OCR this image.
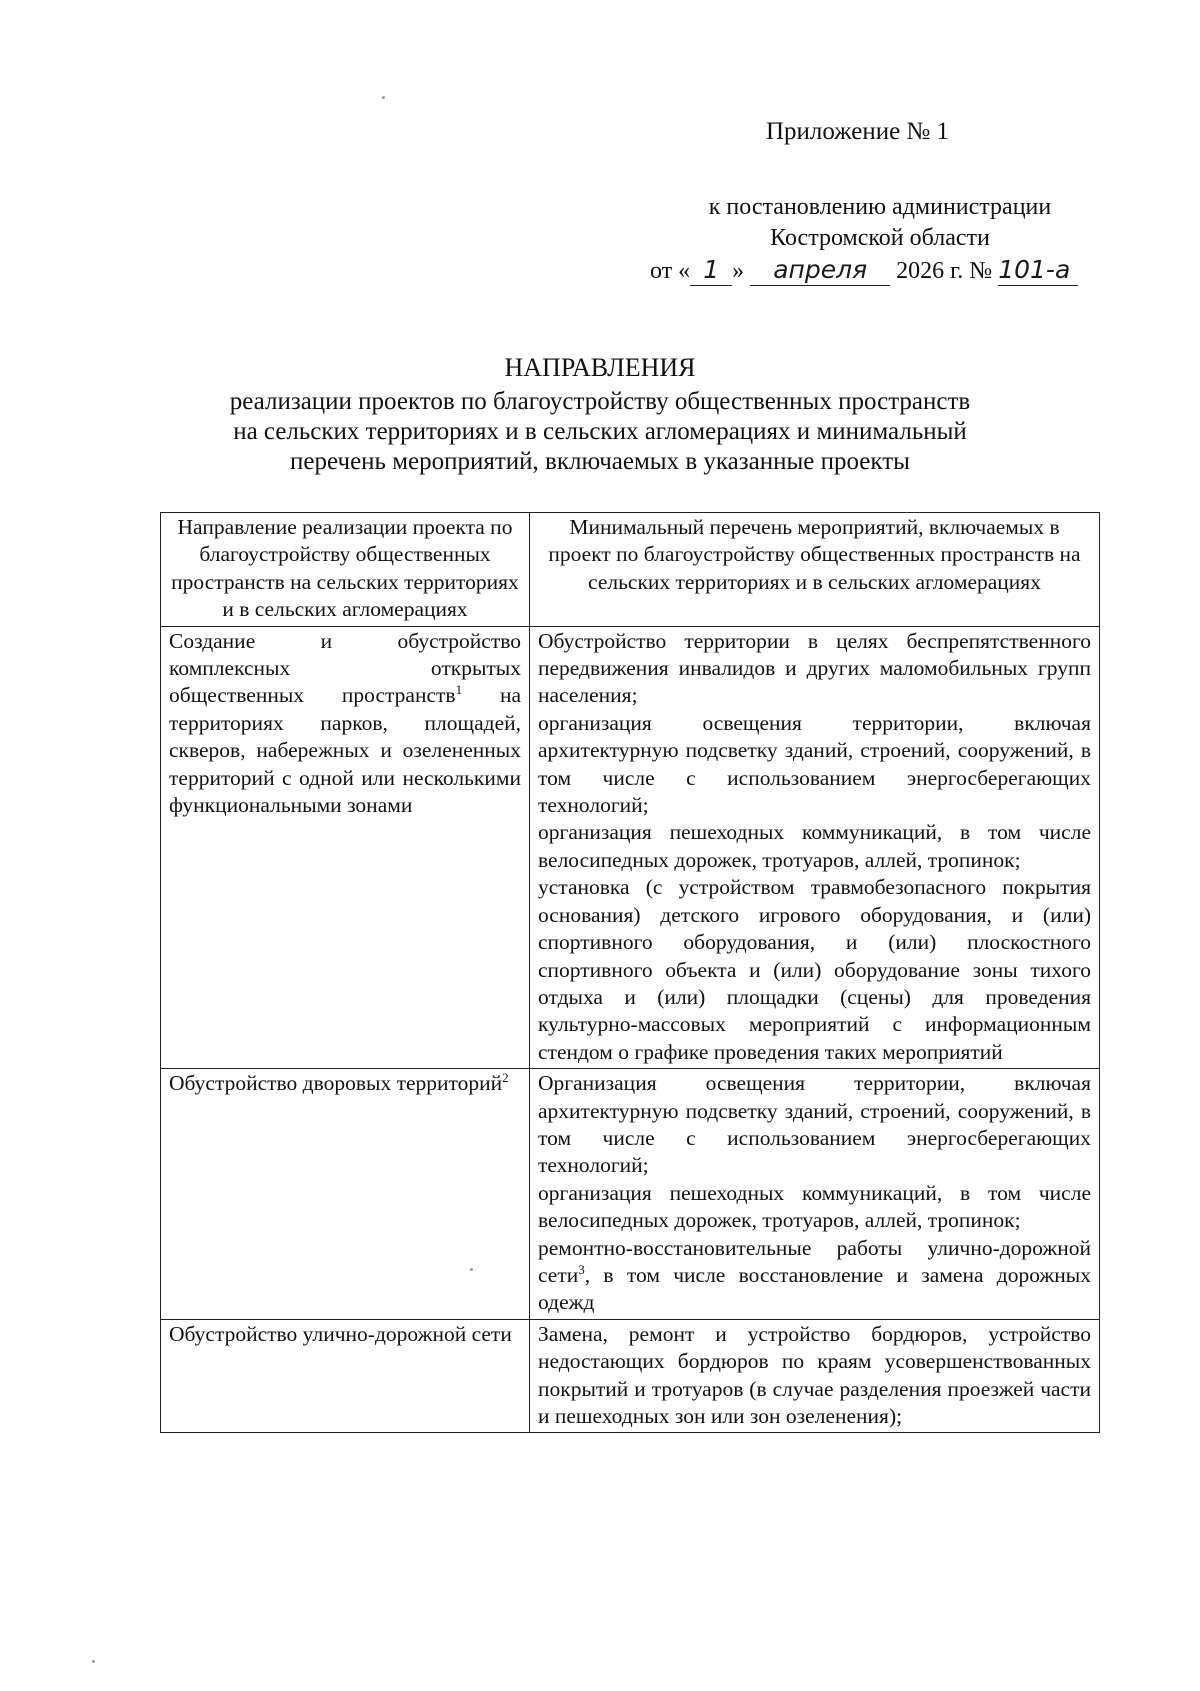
Приложение № 1
к постановлению администрации
Костромской области
от « 1 » апреля 2026 г. № 101-а
НАПРАВЛЕНИЯ
реализации проектов по благоустройству общественных пространств
на сельских территориях и в сельских агломерациях и минимальный
перечень мероприятий, включаемых в указанные проекты
Направление реализации проекта по благоустройству общественных пространств на сельских территориях и в сельских агломерациях	Минимальный перечень мероприятий, включаемых в проект по благоустройству общественных пространств на сельских территориях и в сельских агломерациях
Создание и обустройство комплексных открытых общественных пространств$^1$ на территориях парков, площадей, скверов, набережных и озелененных территорий с одной или несколькими функциональными зонами	Обустройство территории в целях беспрепятственного передвижения инвалидов и других маломобильных групп населения;
организация освещения территории, включая архитектурную подсветку зданий, строений, сооружений, в том числе с использованием энергосберегающих технологий;
организация пешеходных коммуникаций, в том числе велосипедных дорожек, тротуаров, аллей, тропинок;
установка (с устройством травмобезопасного покрытия основания) детского игрового оборудования, и (или) спортивного оборудования, и (или) плоскостного спортивного объекта и (или) оборудование зоны тихого отдыха и (или) площадки (сцены) для проведения культурно-массовых мероприятий с информационным стендом о графике проведения таких мероприятий

Обустройство дворовых территорий$^2$	Организация освещения территории, включая архитектурную подсветку зданий, строений, сооружений, в том числе с использованием энергосберегающих технологий;
организация пешеходных коммуникаций, в том числе велосипедных дорожек, тротуаров, аллей, тропинок;
ремонтно-восстановительные работы улично-дорожной сети$^3$, в том числе восстановление и замена дорожных одежд

Обустройство улично-дорожной сети	Замена, ремонт и устройство бордюров, устройство недостающих бордюров по краям усовершенствованных покрытий и тротуаров (в случае разделения проезжей части и пешеходных зон или зон озеленения);
